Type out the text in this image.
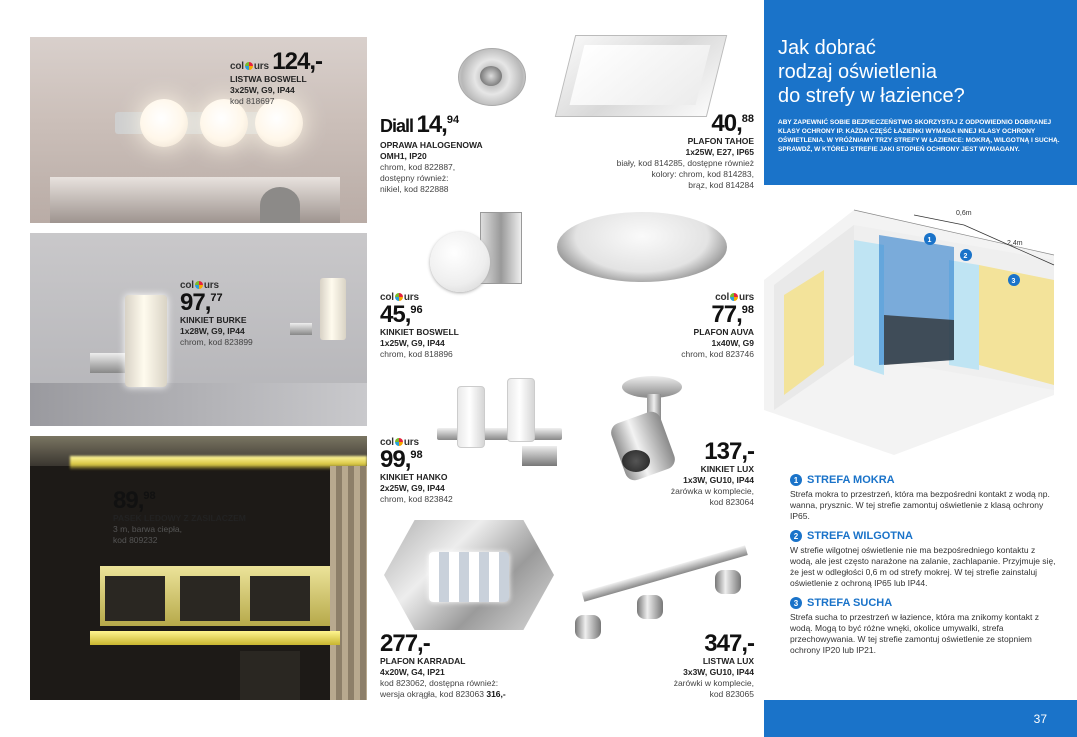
col urs 124,-
LISTWA BOSWELL
3x25W, G9, IP44
kod 818697
col urs
97,77
KINKIET BURKE
1x28W, G9, IP44
chrom, kod 823899
89,98
PASEK LEDOWY Z ZASILACZEM
3 m, barwa ciepła,
kod 809232
Diall 14,94
OPRAWA HALOGENOWA
OMH1, IP20
chrom, kod 822887,
dostępny również:
nikiel, kod 822888
40,88
PLAFON TAHOE
1x25W, E27, IP65
biały, kod 814285, dostępne również
kolory: chrom, kod 814283,
brąz, kod 814284
col urs
45,96
KINKIET BOSWELL
1x25W, G9, IP44
chrom, kod 818896
col urs
77,98
PLAFON AUVA
1x40W, G9
chrom, kod 823746
col urs
99,98
KINKIET HANKO
2x25W, G9, IP44
chrom, kod 823842
137,-
KINKIET LUX
1x3W, GU10, IP44
żarówka w komplecie,
kod 823064
277,-
PLAFON KARRADAL
4x20W, G4, IP21
kod 823062, dostępna również:
wersja okrągła, kod 823063 316,-
347,-
LISTWA LUX
3x3W, GU10, IP44
żarówki w komplecie,
kod 823065
Jak dobrać
rodzaj oświetlenia
do strefy w łazience?
ABY ZAPEWNIĆ SOBIE BEZPIECZEŃSTWO SKORZYSTAJ Z ODPOWIEDNIO DOBRANEJ KLASY OCHRONY IP. KAŻDA CZĘŚĆ ŁAZIENKI WYMAGA INNEJ KLASY OCHRONY OŚWIETLENIA. W YRÓŻNIAMY TRZY STREFY W ŁAZIENCE: MOKRĄ, WILGOTNĄ I SUCHĄ. SPRAWDŹ, W KTÓREJ STREFIE JAKI STOPIEŃ OCHRONY JEST WYMAGANY.
0,6m
2,4m
1
2
3
1 STREFA MOKRA
Strefa mokra to przestrzeń, która ma bezpośredni kontakt z wodą np. wanna, prysznic. W tej strefie zamontuj oświetlenie z klasą ochrony IP65.
2 STREFA WILGOTNA
W strefie wilgotnej oświetlenie nie ma bezpośredniego kontaktu z wodą, ale jest często narażone na zalanie, zachlapanie. Przyjmuje się, że jest w odległości 0,6 m od strefy mokrej. W tej strefie zainstaluj oświetlenie z ochroną IP65 lub IP44.
3 STREFA SUCHA
Strefa sucha to przestrzeń w łazience, która ma znikomy kontakt z wodą. Mogą to być różne wnęki, okolice umywalki, strefa przechowywania. W tej strefie zamontuj oświetlenie ze stopniem ochrony IP20 lub IP21.
37
